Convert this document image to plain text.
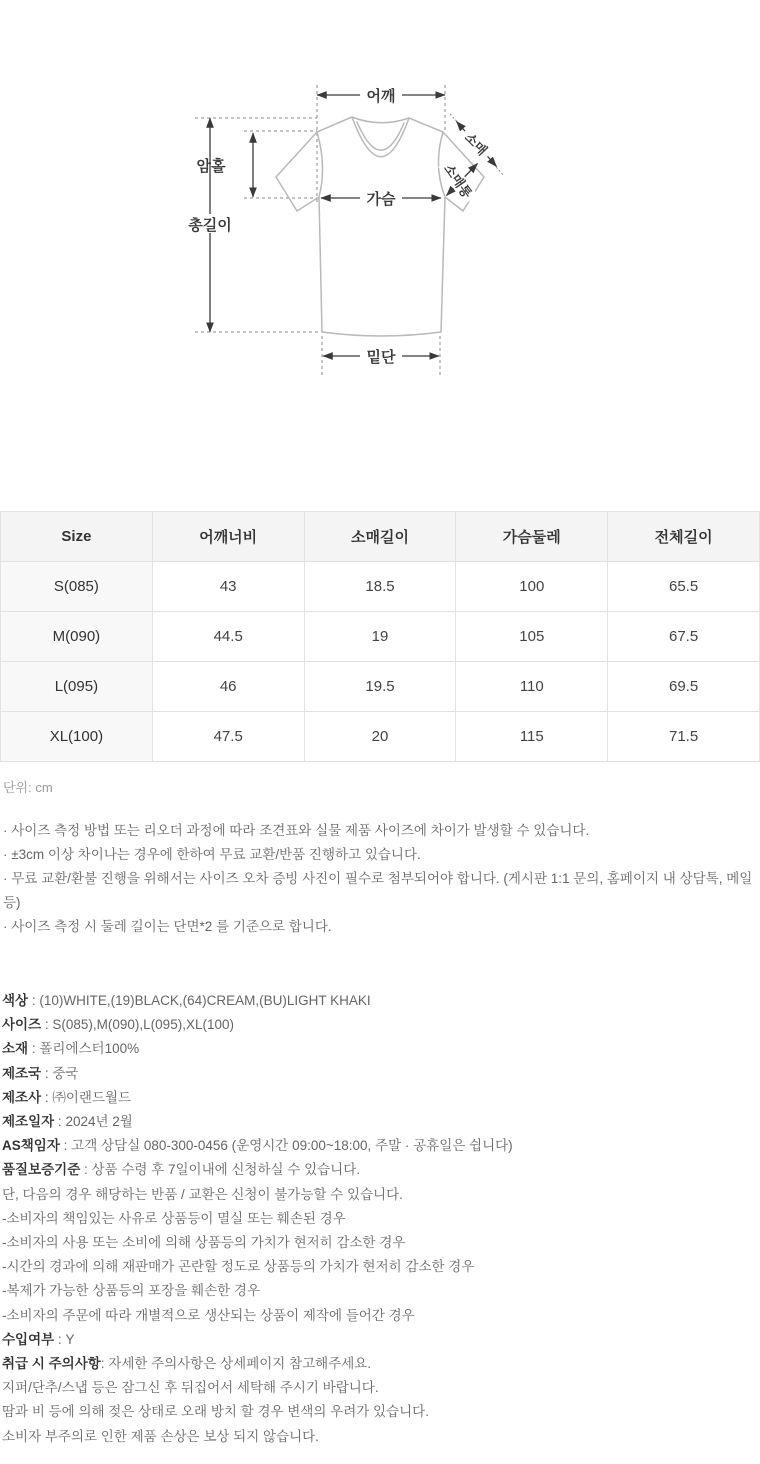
어깨
총길이
암홀
가슴
밑단
소매
소매통
Size	어깨너비	소매길이	가슴둘레	전체길이
S(085)	43	18.5	100	65.5
M(090)	44.5	19	105	67.5
L(095)	46	19.5	110	69.5
XL(100)	47.5	20	115	71.5
단위: cm
· 사이즈 측정 방법 또는 리오더 과정에 따라 조견표와 실물 제품 사이즈에 차이가 발생할 수 있습니다.
· ±3cm 이상 차이나는 경우에 한하여 무료 교환/반품 진행하고 있습니다.
· 무료 교환/환불 진행을 위해서는 사이즈 오차 증빙 사진이 필수로 첨부되어야 합니다. (게시판 1:1 문의, 홈페이지 내 상담톡, 메일 등)
· 사이즈 측정 시 둘레 길이는 단면*2 를 기준으로 합니다.
색상 : (10)WHITE,(19)BLACK,(64)CREAM,(BU)LIGHT KHAKI
사이즈 : S(085),M(090),L(095),XL(100)
소재 : 폴리에스터100%
제조국 : 중국
제조사 : ㈜이랜드월드
제조일자 : 2024년 2월
AS책임자 : 고객 상담실 080-300-0456 (운영시간 09:00~18:00, 주말 · 공휴일은 쉽니다)
품질보증기준 : 상품 수령 후 7일이내에 신청하실 수 있습니다.
단, 다음의 경우 해당하는 반품 / 교환은 신청이 불가능할 수 있습니다.
-소비자의 책임있는 사유로 상품등이 멸실 또는 훼손된 경우
-소비자의 사용 또는 소비에 의해 상품등의 가치가 현저히 감소한 경우
-시간의 경과에 의해 재판매가 곤란할 정도로 상품등의 가치가 현저히 감소한 경우
-복제가 가능한 상품등의 포장을 훼손한 경우
-소비자의 주문에 따라 개별적으로 생산되는 상품이 제작에 들어간 경우
수입여부 : Y
취급 시 주의사항: 자세한 주의사항은 상세페이지 참고해주세요.
지퍼/단추/스냅 등은 잠그신 후 뒤집어서 세탁해 주시기 바랍니다.
땀과 비 등에 의해 젖은 상태로 오래 방치 할 경우 변색의 우려가 있습니다.
소비자 부주의로 인한 제품 손상은 보상 되지 않습니다.
